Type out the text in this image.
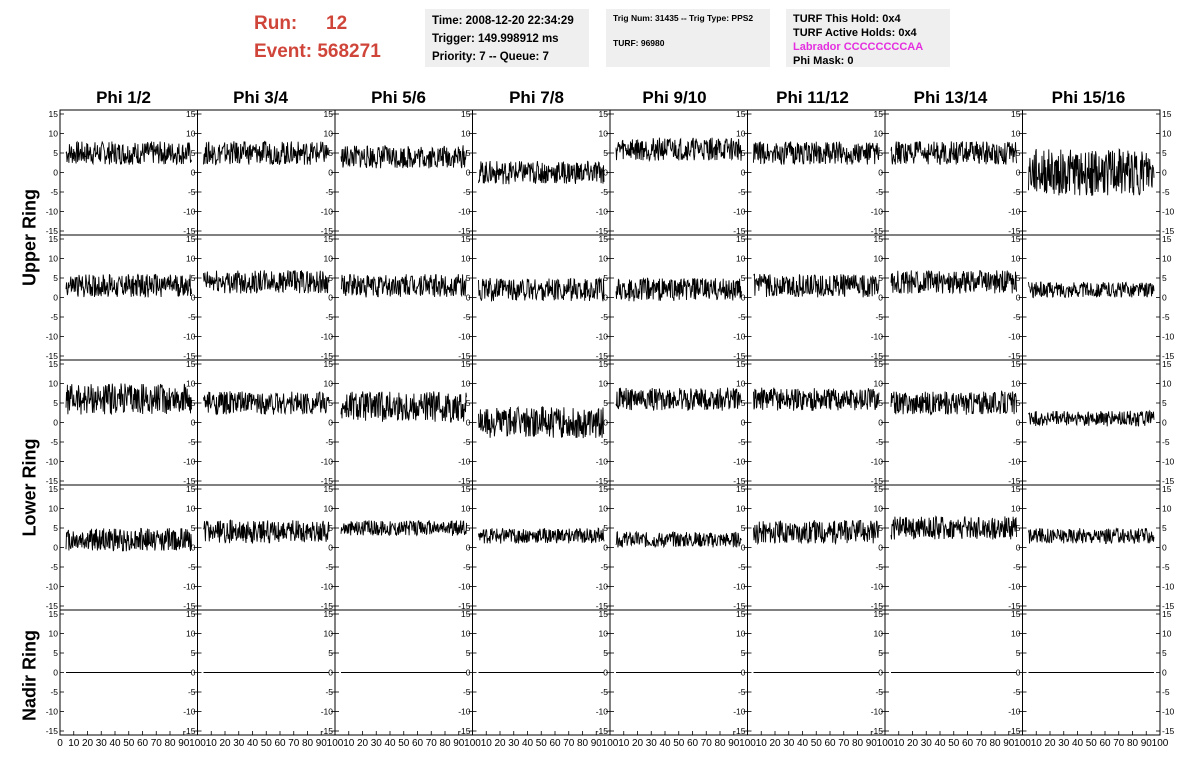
Run: 12
Event: 568271
Time: 2008-12-20 22:34:29
Trigger: 149.998912 ms
Priority: 7 -- Queue: 7
Trig Num: 31435 -- Trig Type: PPS2
TURF: 96980
TURF This Hold: 0x4
TURF Active Holds: 0x4
Labrador CCCCCCCCAA
Phi Mask: 0
Phi 1/2	Phi 3/4	Phi 5/6	Phi 7/8	Phi 9/10	Phi 11/12	Phi 13/14	Phi 15/16
Upper Ring
Lower Ring
Nadir Ring
-15
-10
-5
0
5
10
15
-15
-10
-5
0
5
10
15
-15
-10
-5
0
5
10
15
-15
-10
-5
0
5
10
15
-15
-10
-5
0
5
10
15
-15
-10
-5
0
5
10
15
-15
-10
-5
0
5
10
15
-15	-15
-10	-10
-5	-5
0	0
5	5
10	10
15	15
-15
-10
-5
0
5
10
15
-15
-10
-5
0
5
10
15
-15
-10
-5
0
5
10
15
-15
-10
-5
0
5
10
15
-15
-10
-5
0
5
10
15
-15
-10
-5
0
5
10
15
-15
-10
-5
0
5
10
15
-15	-15
-10	-10
-5	-5
0	0
5	5
10	10
15	15
-15
-10
-5
0
5
10
15
-15
-10
-5
0
5
10
15
-15
-10
-5
0
5
10
15
-15
-10
-5
0
5
10
15
-15
-10
-5
0
5
10
15
-15
-10
-5
0
5
10
15
-15
-10
-5
0
5
10
15
-15	-15
-10	-10
-5	-5
0	0
5	5
10	10
15	15
-15
-10
-5
0
5
10
15
-15
-10
-5
0
5
10
15
-15
-10
-5
0
5
10
15
-15
-10
-5
0
5
10
15
-15
-10
-5
0
5
10
15
-15
-10
-5
0
5
10
15
-15
-10
-5
0
5
10
15
-15	-15
-10	-10
-5	-5
0	0
5	5
10	10
15	15
-15
-10
-5
0
5
10
15
-15
-10
-5
0
5
10
15
-15
-10
-5
0
5
10
15
-15
-10
-5
0
5
10
15
-15
-10
-5
0
5
10
15
-15
-10
-5
0
5
10
15
-15
-10
-5
0
5
10
15
-15	-15
-10	-10
-5	-5
0	0
5	5
10	10
15	15
0 10 20 30 40 50 60 70 80 90 100 10 20 30 40 50 60 70 80 90 100 10 20 30 40 50 60 70 80 90 100 10 20 30 40 50 60 70 80 90 100 10 20 30 40 50 60 70 80 90 100 10 20 30 40 50 60 70 80 90 100 10 20 30 40 50 60 70 80 90 100 10 20 30 40 50 60 70 80 90 100
